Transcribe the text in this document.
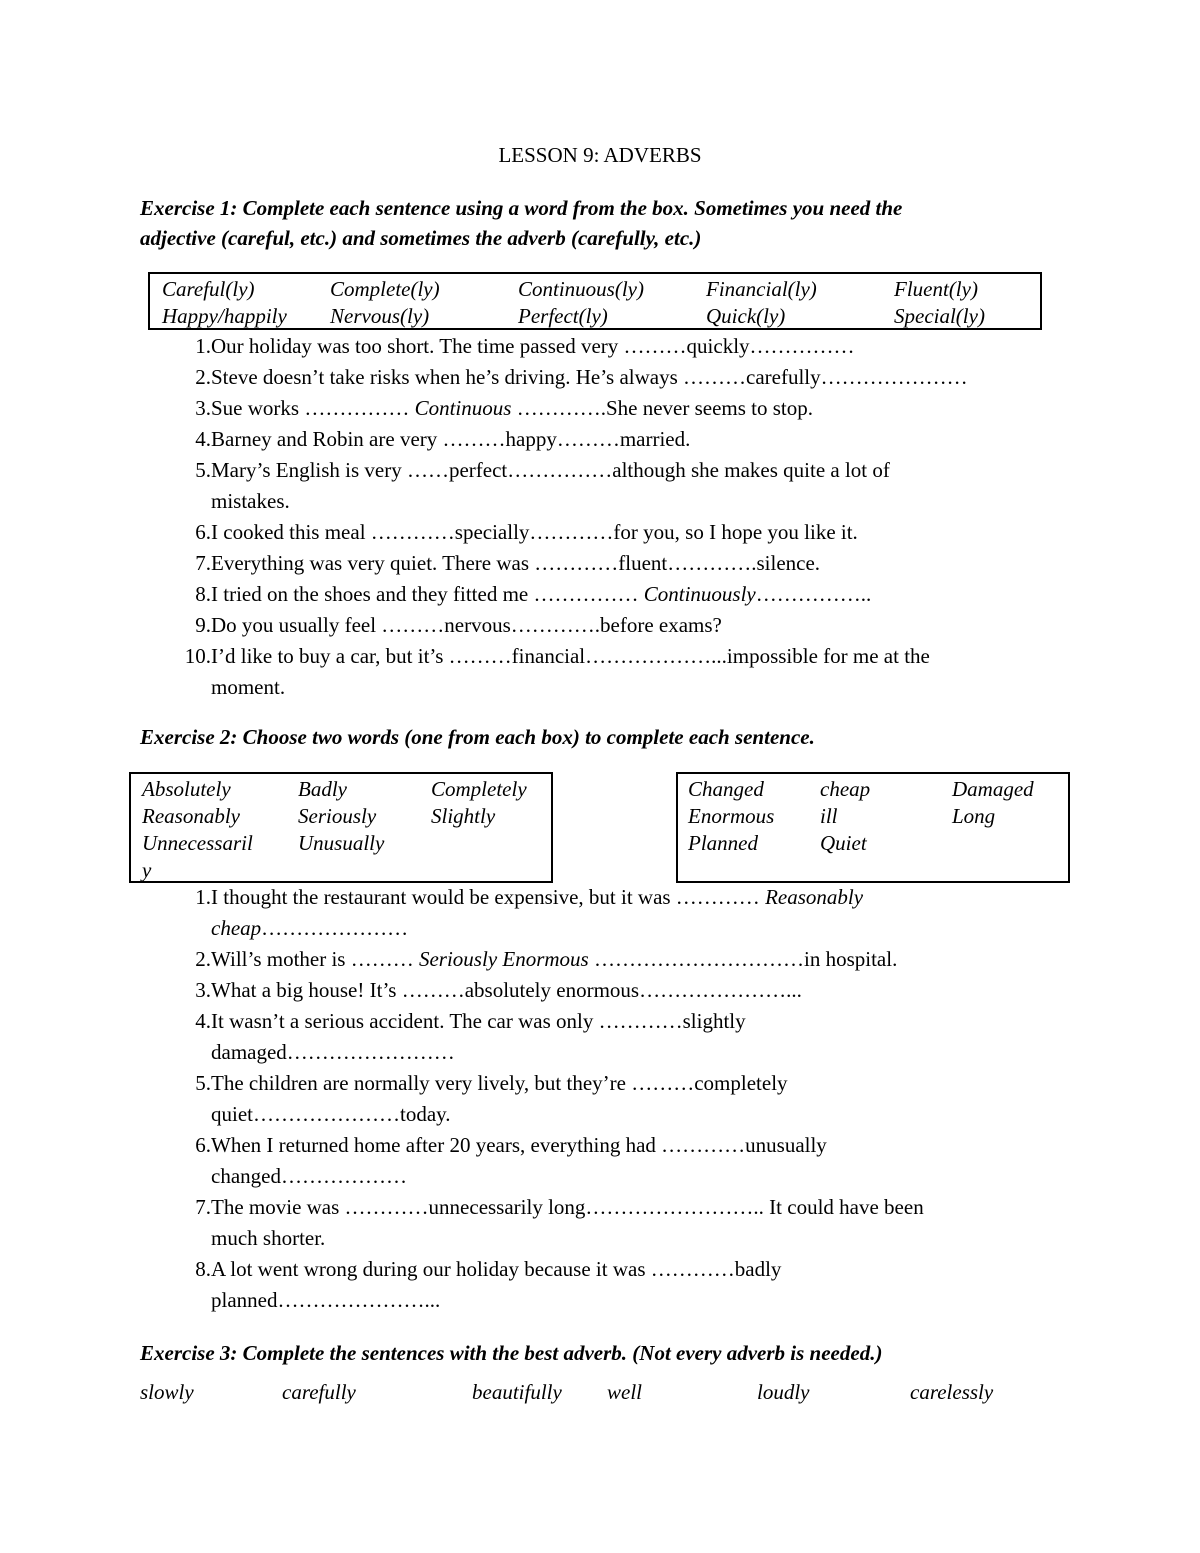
LESSON 9: ADVERBS
Exercise 1: Complete each sentence using a word from the box. Sometimes you need the
adjective (careful, etc.) and sometimes the adverb (carefully, etc.)
Careful(ly)	Complete(ly)	Continuous(ly)	Financial(ly)	Fluent(ly)
Happy/happily	Nervous(ly)	Perfect(ly)	Quick(ly)	Special(ly)
1. Our holiday was too short. The time passed very ………quickly……………
2. Steve doesn’t take risks when he’s driving. He’s always ………carefully…………………
3. Sue works …………… Continuous ………….She never seems to stop.
4. Barney and Robin are very ………happy………married.
5. Mary’s English is very ……perfect……………although she makes quite a lot of
mistakes.
6. I cooked this meal …………specially…………for you, so I hope you like it.
7. Everything was very quiet. There was …………fluent………….silence.
8. I tried on the shoes and they fitted me …………… Continuously……………..
9. Do you usually feel ………nervous………….before exams?
10. I’d like to buy a car, but it’s ………financial………………...impossible for me at the
moment.
Exercise 2: Choose two words (one from each box) to complete each sentence.
Absolutely	Badly	Completely
Reasonably	Seriously	Slightly
Unnecessaril	Unusually
y
Changed	cheap	Damaged
Enormous	ill	Long
Planned	Quiet
1. I thought the restaurant would be expensive, but it was ………… Reasonably
cheap…………………
2. Will’s mother is ……… Seriously Enormous …………………………in hospital.
3. What a big house! It’s ………absolutely enormous…………………...
4. It wasn’t a serious accident. The car was only …………slightly
damaged……………………
5. The children are normally very lively, but they’re ………completely
quiet…………………today.
6. When I returned home after 20 years, everything had …………unusually
changed………………
7. The movie was …………unnecessarily long…………………….. It could have been
much shorter.
8. A lot went wrong during our holiday because it was …………badly
planned…………………...
Exercise 3: Complete the sentences with the best adverb. (Not every adverb is needed.)
slowly	carefully	beautifully well	loudly	carelessly
